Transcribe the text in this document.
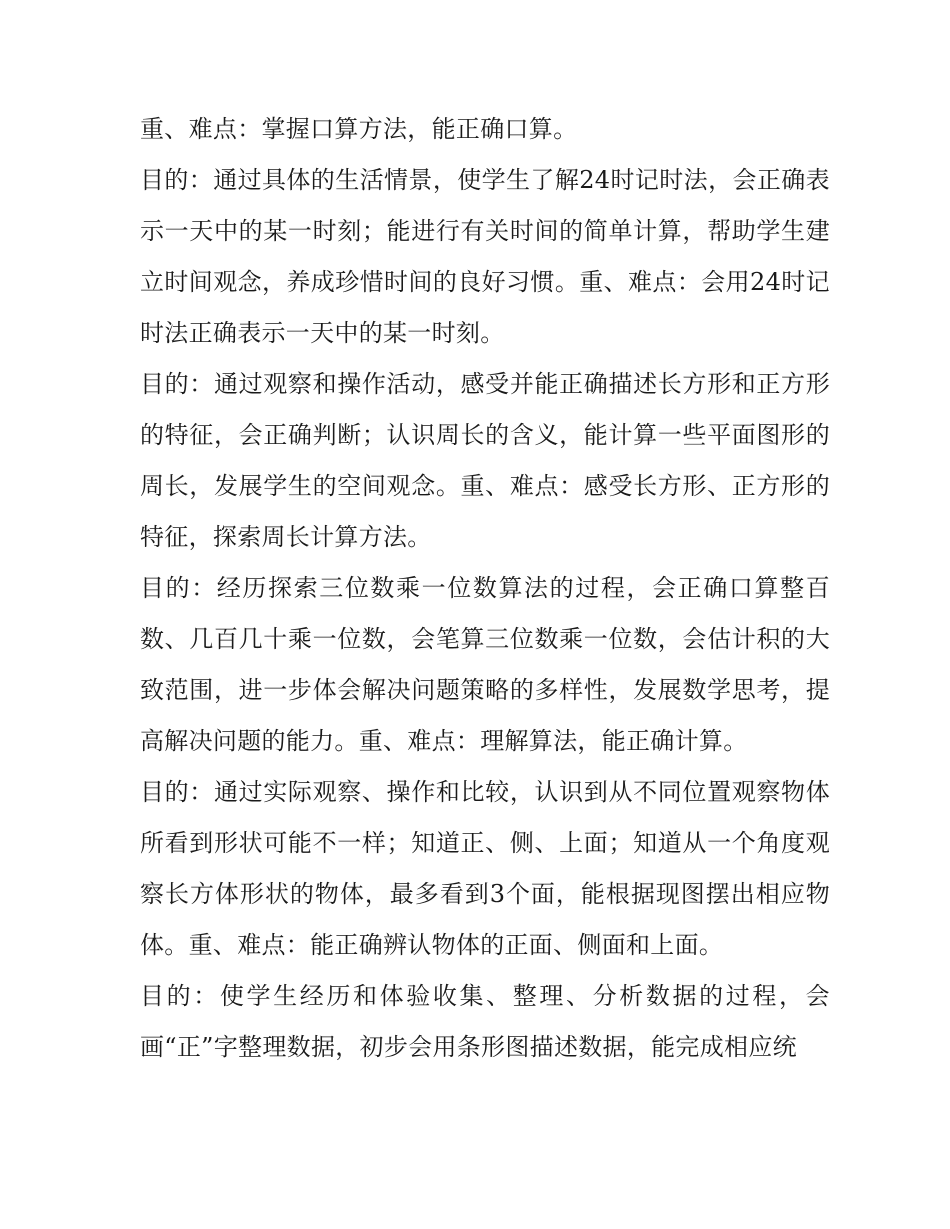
重、难点：掌握口算方法，能正确口算。

目的：通过具体的生活情景，使学生了解24时记时法，会正确表示一天中的某一时刻；能进行有关时间的简单计算，帮助学生建立时间观念，养成珍惜时间的良好习惯。重、难点：会用24时记时法正确表示一天中的某一时刻。

目的：通过观察和操作活动，感受并能正确描述长方形和正方形的特征，会正确判断；认识周长的含义，能计算一些平面图形的周长，发展学生的空间观念。重、难点：感受长方形、正方形的特征，探索周长计算方法。

目的：经历探索三位数乘一位数算法的过程，会正确口算整百数、几百几十乘一位数，会笔算三位数乘一位数，会估计积的大致范围，进一步体会解决问题策略的多样性，发展数学思考，提高解决问题的能力。重、难点：理解算法，能正确计算。

目的：通过实际观察、操作和比较，认识到从不同位置观察物体所看到形状可能不一样；知道正、侧、上面；知道从一个角度观察长方体形状的物体，最多看到3个面，能根据现图摆出相应物体。重、难点：能正确辨认物体的正面、侧面和上面。

目的：使学生经历和体验收集、整理、分析数据的过程，会画“正”字整理数据，初步会用条形图描述数据，能完成相应统
